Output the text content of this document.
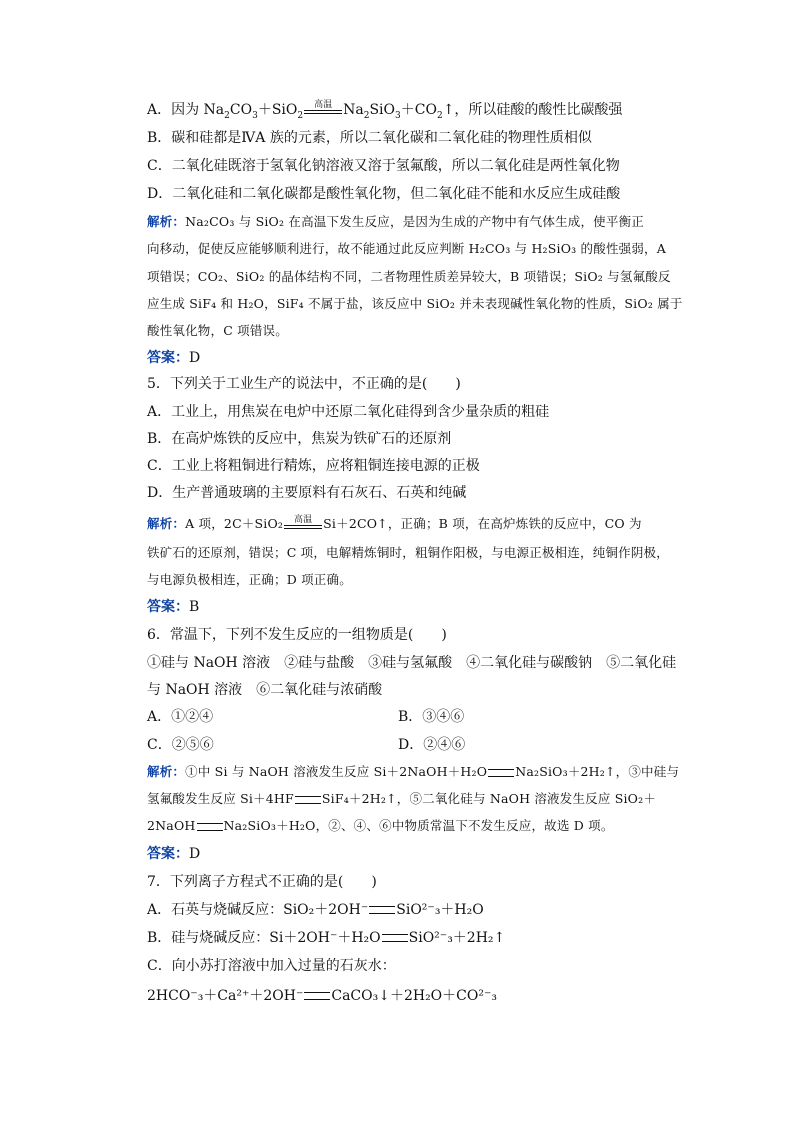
A．因为 $Na_2CO_3+SiO_2$
高温 $Na_2SiO_3+CO_2↑$，所以硅酸的酸性比碳酸强
B．碳和硅都是ⅣA 族的元素，所以二氧化碳和二氧化硅的物理性质相似
C．二氧化硅既溶于氢氧化钠溶液又溶于氢氟酸，所以二氧化硅是两性氧化物
D．二氧化硅和二氧化碳都是酸性氧化物，但二氧化硅不能和水反应生成硅酸
解析：Na₂CO₃ 与 SiO₂ 在高温下发生反应，是因为生成的产物中有气体生成，使平衡正
向移动，促使反应能够顺利进行，故不能通过此反应判断 H₂CO₃ 与 H₂SiO₃ 的酸性强弱，A
项错误；CO₂、SiO₂ 的晶体结构不同，二者物理性质差异较大，B 项错误；SiO₂ 与氢氟酸反
应生成 SiF₄ 和 H₂O，SiF₄ 不属于盐，该反应中 SiO₂ 并未表现碱性氧化物的性质，SiO₂ 属于
酸性氧化物，C 项错误。
答案：D
5．下列关于工业生产的说法中，不正确的是(　　)
A．工业上，用焦炭在电炉中还原二氧化硅得到含少量杂质的粗硅
B．在高炉炼铁的反应中，焦炭为铁矿石的还原剂
C．工业上将粗铜进行精炼，应将粗铜连接电源的正极
D．生产普通玻璃的主要原料有石灰石、石英和纯碱
解析：A 项，2C＋SiO₂	高温 Si＋2CO↑，正确；B 项，在高炉炼铁的反应中，CO 为
铁矿石的还原剂，错误；C 项，电解精炼铜时，粗铜作阳极，与电源正极相连，纯铜作阴极，
与电源负极相连，正确；D 项正确。
答案：B
6．常温下，下列不发生反应的一组物质是(　　)
①硅与 NaOH 溶液　②硅与盐酸　③硅与氢氟酸　④二氧化硅与碳酸钠　⑤二氧化硅
与 NaOH 溶液　⑥二氧化硅与浓硝酸
A．①②④	B．③④⑥
C．②⑤⑥	D．②④⑥
解析：①中 Si 与 NaOH 溶液发生反应 Si＋2NaOH＋H₂O Na₂SiO₃＋2H₂↑，③中硅与
氢氟酸发生反应 Si＋4HF SiF₄＋2H₂↑，⑤二氧化硅与 NaOH 溶液发生反应 SiO₂＋
2NaOH Na₂SiO₃＋H₂O，②、④、⑥中物质常温下不发生反应，故选 D 项。
答案：D
7．下列离子方程式不正确的是(　　)
A．石英与烧碱反应：SiO₂＋2OH⁻ SiO²⁻₃＋H₂O
B．硅与烧碱反应：Si＋2OH⁻＋H₂O SiO²⁻₃＋2H₂↑
C．向小苏打溶液中加入过量的石灰水：
2HCO⁻₃＋Ca²⁺＋2OH⁻ CaCO₃↓＋2H₂O＋CO²⁻₃
